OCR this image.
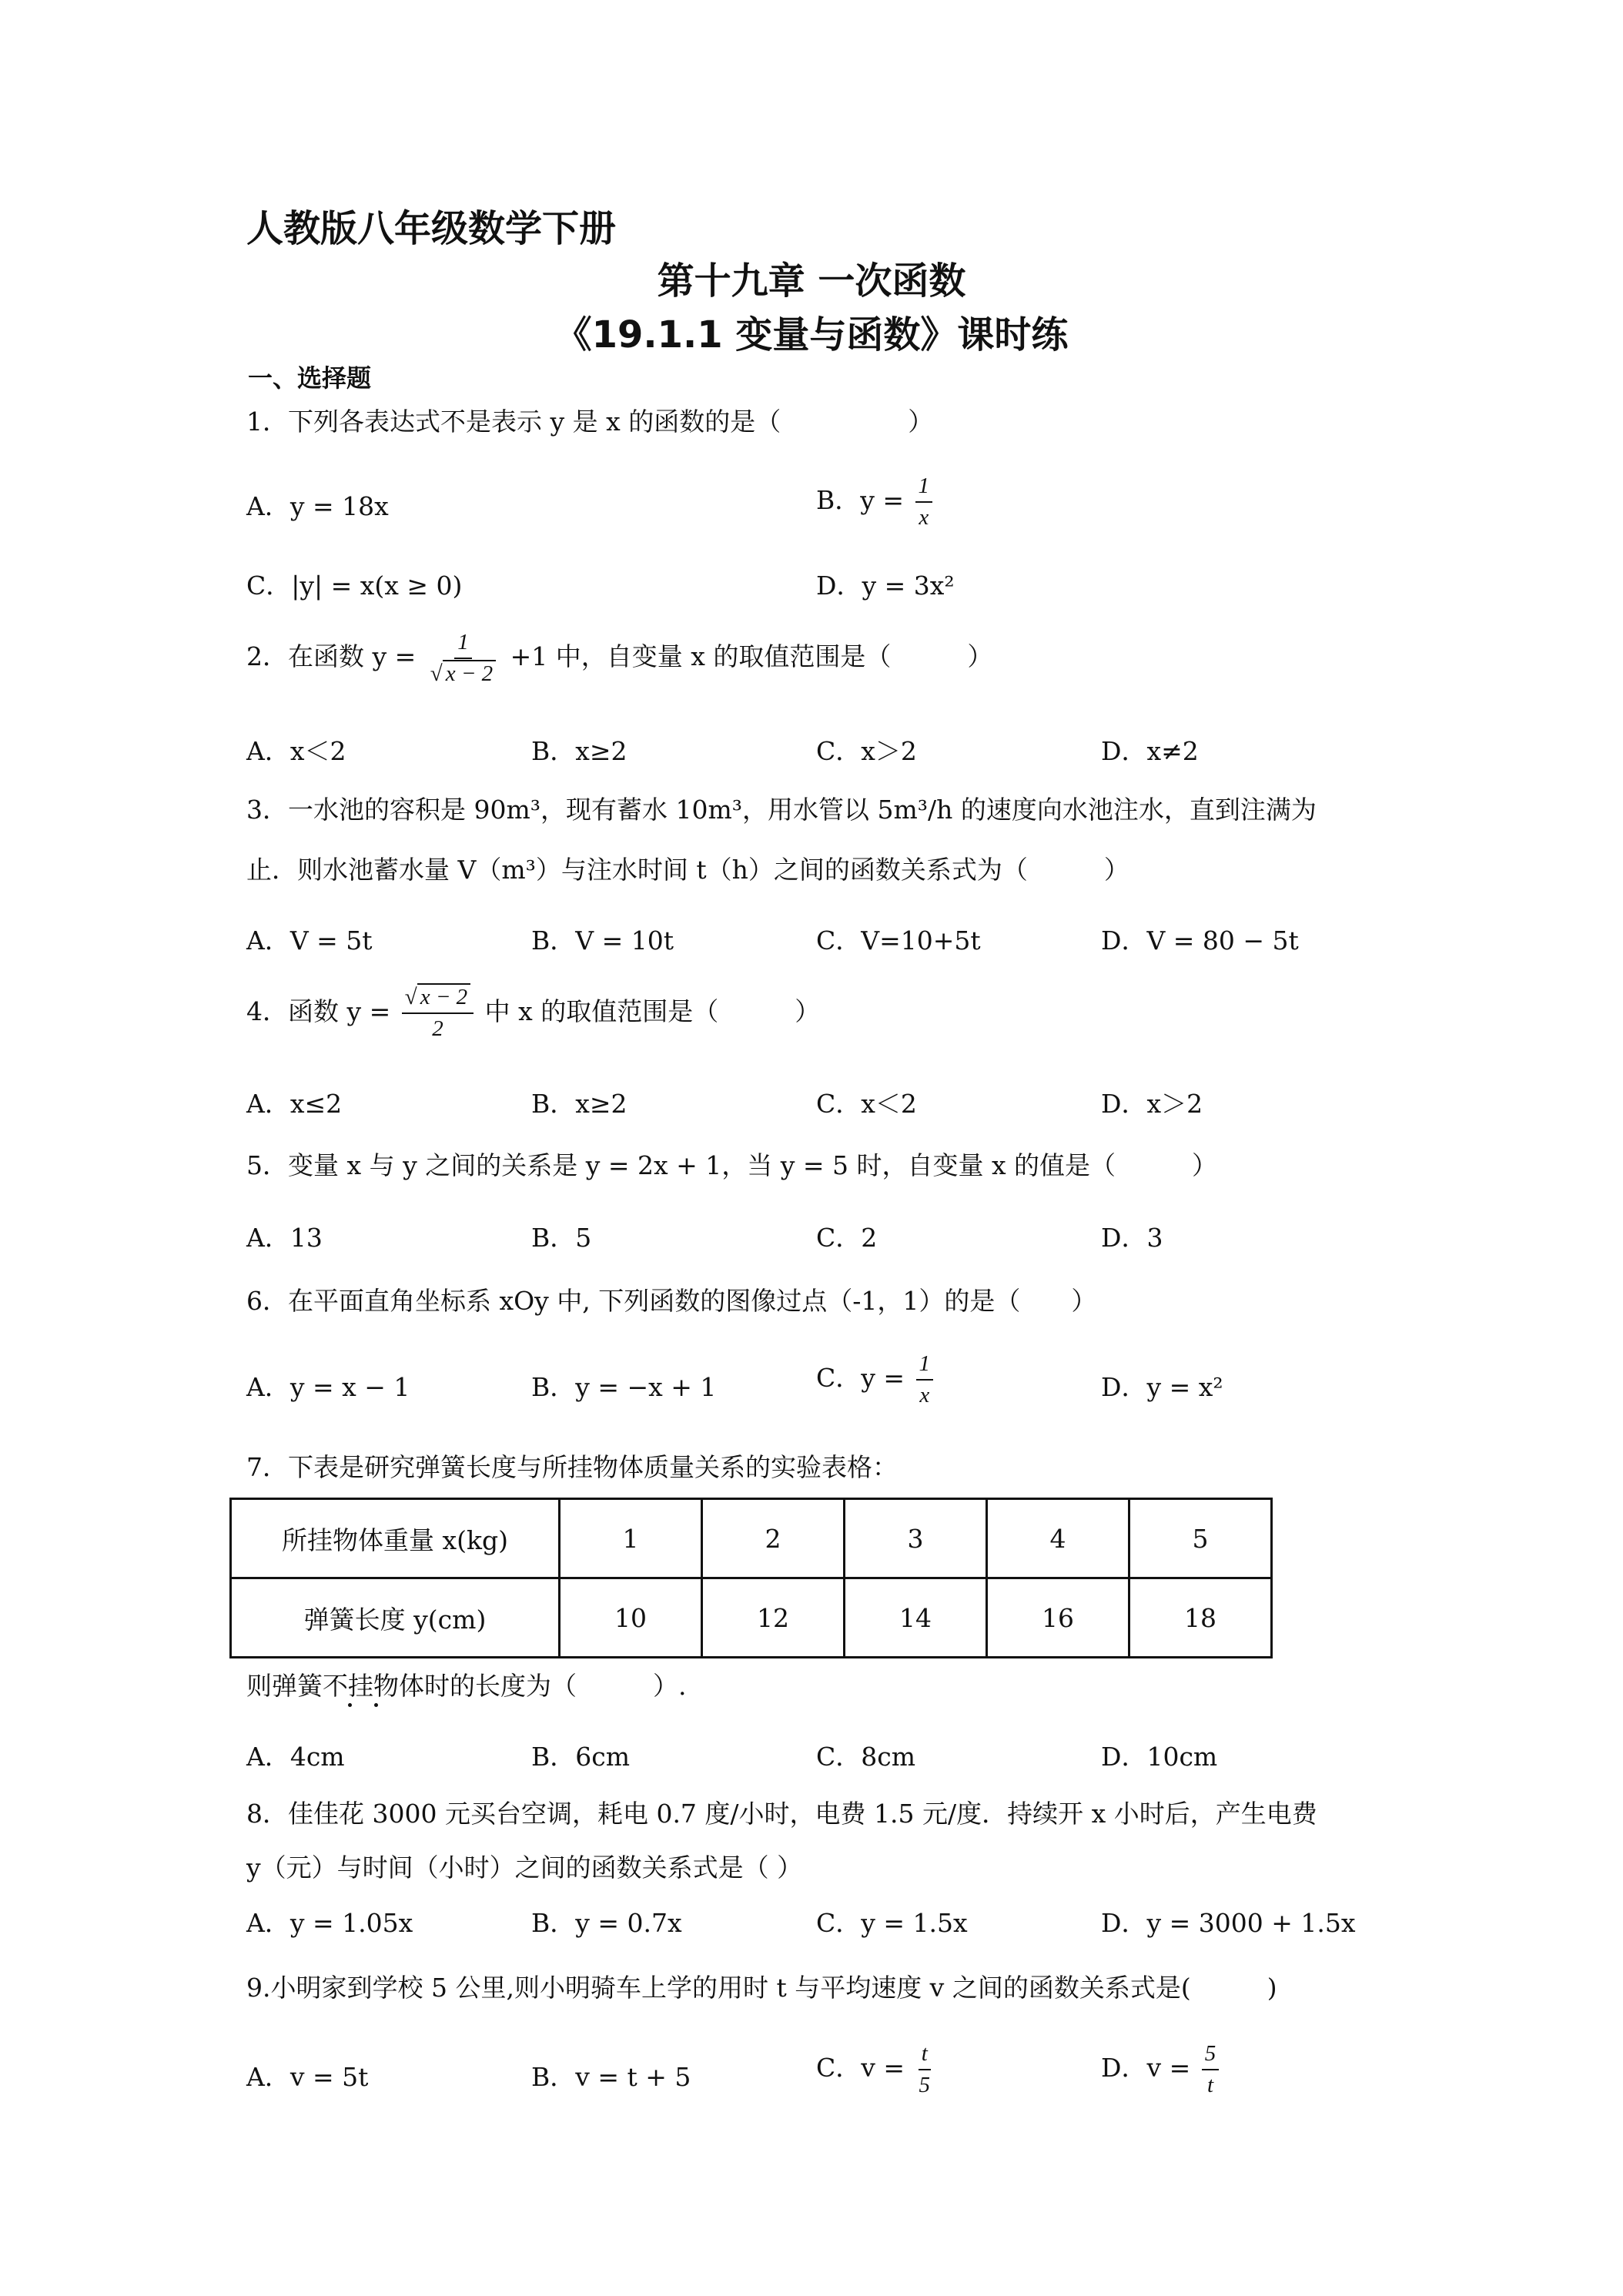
人教版八年级数学下册
第十九章 一次函数
《19.1.1 变量与函数》课时练
一、选择题
1．下列各表达式不是表示 y 是 x 的函数的是（　　　　　）
A．y = 18x	B．$y = \frac{1}{x}$
C．|y| = x(x ≥ 0)	D．y = 3x²
2．在函数 $y = \frac{1}{√ x - 2} +1$ 中，自变量 x 的取值范围是（　　　）
A．x＜2	B．x≥2	C．x＞2	D．x≠2
3．一水池的容积是 90m³，现有蓄水 10m³，用水管以 5m³/h 的速度向水池注水，直到注满为
止．则水池蓄水量 V（m³）与注水时间 t（h）之间的函数关系式为（　　　）
A．V = 5t	B．V = 10t	C．V=10+5t	D．V = 80 − 5t
4．函数 $y = \frac{√ x - 2}{2}$ 中 x 的取值范围是（　　　）
A．x≤2	B．x≥2	C．x＜2	D．x＞2
5．变量 x 与 y 之间的关系是 y = 2x + 1，当 y = 5 时，自变量 x 的值是（　　　）
A．13	B．5	C．2	D．3
6．在平面直角坐标系 xOy 中, 下列函数的图像过点（-1，1）的是（　　）
A．y = x − 1	B．y = −x + 1	C．$y = \frac{1}{x}$	D．y = x²
7．下表是研究弹簧长度与所挂物体质量关系的实验表格：
所挂物体重量 x(kg)	1	2	3	4	5
弹簧长度 y(cm)	10	12	14	16	18
则弹簧不挂物体时的长度为（　　　）.
A．4cm	B．6cm	C．8cm	D．10cm
8．佳佳花 3000 元买台空调，耗电 0.7 度/小时，电费 1.5 元/度．持续开 x 小时后，产生电费
y（元）与时间（小时）之间的函数关系式是（ ）
A．y = 1.05x	B．y = 0.7x	C．y = 1.5x	D．y = 3000 + 1.5x
9.小明家到学校 5 公里,则小明骑车上学的用时 t 与平均速度 v 之间的函数关系式是(　　　)
A．v = 5t	B．v = t + 5	C．$v = \frac{t}{5}$	D．$v = \frac{5}{t}$
